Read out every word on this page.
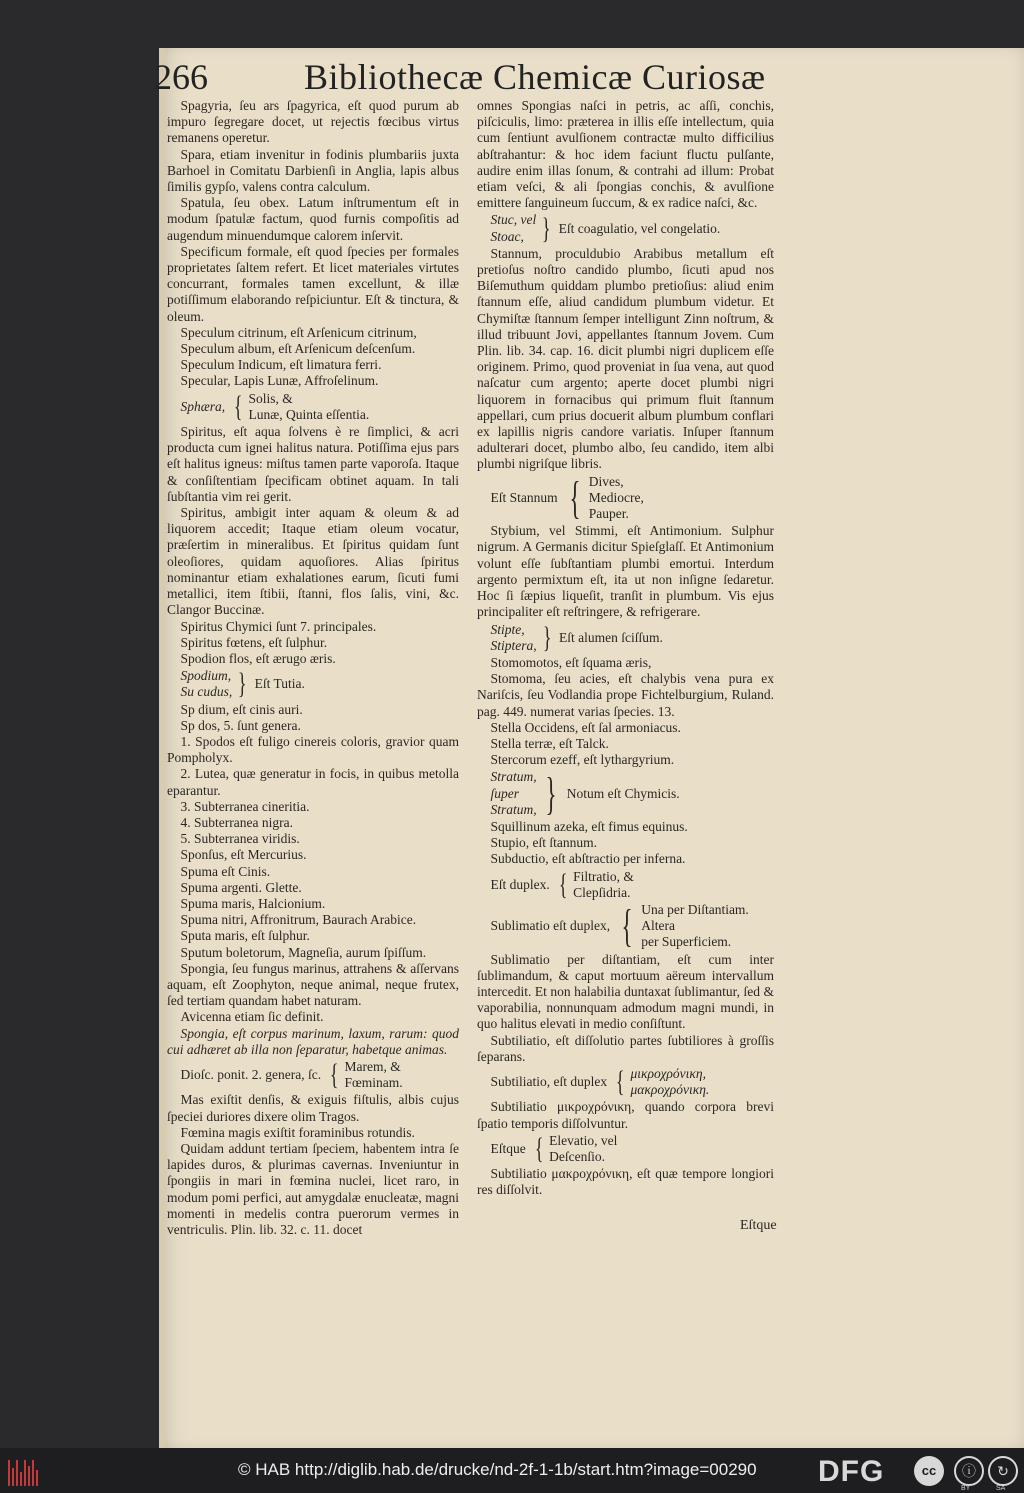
266	Bibliothecæ Chemicæ Curiosæ

Spagyria, ſeu ars ſpagyrica, eſt quod purum ab impuro ſegregare docet, ut rejectis fœcibus virtus remanens operetur.

Spara, etiam invenitur in fodinis plumbariis juxta Barhoel in Comitatu Darbienſi in Anglia, lapis albus ſimilis gypſo, valens contra calculum.

Spatula, ſeu obex. Latum inſtrumentum eſt in modum ſpatulæ factum, quod furnis compoſitis ad augendum minuendumque calorem inſervit.

Specificum formale, eſt quod ſpecies per formales proprietates ſaltem refert. Et licet materiales virtutes concurrant, formales tamen excellunt, & illæ potiſſimum elaborando reſpiciuntur. Eſt & tinctura, & oleum.

Speculum citrinum, eſt Arſenicum citrinum,

Speculum album, eſt Arſenicum deſcenſum.

Speculum Indicum, eſt limatura ferri.

Specular, Lapis Lunæ, Affroſelinum.

Sphæra, { Solis, &
Lunæ, Quinta eſſentia.

Spiritus, eſt aqua ſolvens è re ſimplici, & acri producta cum ignei halitus natura. Potiſſima ejus pars eſt halitus igneus: miſtus tamen parte vaporoſa. Itaque & conſiſtentiam ſpecificam obtinet aquam. In tali ſubſtantia vim rei gerit.

Spiritus, ambigit inter aquam & oleum & ad liquorem accedit; Itaque etiam oleum vocatur, præſertim in mineralibus. Et ſpiritus quidam ſunt oleoſiores, quidam aquoſiores. Alias ſpiritus nominantur etiam exhalationes earum, ſicuti fumi metallici, item ſtibii, ſtanni, flos ſalis, vini, &c. Clangor Buccinæ.

Spiritus Chymici ſunt 7. principales.

Spiritus fœtens, eſt ſulphur.

Spodion flos, eſt ærugo æris.

Spodium,
Su cudus, } Eſt Tutia.

Sp dium, eſt cinis auri.

Sp dos, 5. ſunt genera.

1. Spodos eſt fuligo cinereis coloris, gravior quam Pompholyx.

2. Lutea, quæ generatur in focis, in quibus metolla eparantur.

3. Subterranea cineritia.

4. Subterranea nigra.

5. Subterranea viridis.

Sponſus, eſt Mercurius.

Spuma eſt Cinis.

Spuma argenti. Glette.

Spuma maris, Halcionium.

Spuma nitri, Affronitrum, Baurach Arabice.

Sputa maris, eſt ſulphur.

Sputum boletorum, Magneſia, aurum ſpiſſum.

Spongia, ſeu fungus marinus, attrahens & aſſervans aquam, eſt Zoophyton, neque animal, neque frutex, ſed tertiam quandam habet naturam.

Avicenna etiam ſic definit.

Spongia, eſt corpus marinum, laxum, rarum: quod cui adhæret ab illa non ſeparatur, habetque animas.

Dioſc. ponit. 2. genera, ſc. { Marem, &
Fœminam.

Mas exiſtit denſis, & exiguis fiſtulis, albis cujus ſpeciei duriores dixere olim Tragos.

Fœmina magis exiſtit foraminibus rotundis.

Quidam addunt tertiam ſpeciem, habentem intra ſe lapides duros, & plurimas cavernas. Inveniuntur in ſpongiis in mari in fœmina nuclei, licet raro, in modum pomi perfici, aut amygdalæ enucleatæ, magni momenti in medelis contra puerorum vermes in ventriculis. Plin. lib. 32. c. 11. docet

omnes Spongias naſci in petris, ac aſſi, conchis, piſciculis, limo: præterea in illis eſſe intellectum, quia cum ſentiunt avulſionem contractæ multo difficilius abſtrahantur: & hoc idem faciunt fluctu pulſante, audire enim illas ſonum, & contrahi ad illum: Probat etiam veſci, & ali ſpongias conchis, & avulſione emittere ſanguineum ſuccum, & ex radice naſci, &c.

Stuc, vel
Stoac, } Eſt coagulatio, vel congelatio.

Stannum, proculdubio Arabibus metallum eſt pretioſus noſtro candido plumbo, ſicuti apud nos Biſemuthum quiddam plumbo pretioſius: aliud enim ſtannum eſſe, aliud candidum plumbum videtur. Et Chymiſtæ ſtannum ſemper intelligunt Zinn noſtrum, & illud tribuunt Jovi, appellantes ſtannum Jovem. Cum Plin. lib. 34. cap. 16. dicit plumbi nigri duplicem eſſe originem. Primo, quod proveniat in ſua vena, aut quod naſcatur cum argento; aperte docet plumbi nigri liquorem in fornacibus qui primum fluit ſtannum appellari, cum prius docuerit album plumbum conflari ex lapillis nigris candore variatis. Inſuper ſtannum adulterari docet, plumbo albo, ſeu candido, item albi plumbi nigriſque libris.

Eſt Stannum { Dives,
Mediocre,
Pauper.

Stybium, vel Stimmi, eſt Antimonium. Sulphur nigrum. A Germanis dicitur Spieſglaſſ. Et Antimonium volunt eſſe ſubſtantiam plumbi emortui. Interdum argento permixtum eſt, ita ut non inſigne ſedaretur. Hoc ſi ſæpius liqueſit, tranſit in plumbum. Vis ejus principaliter eſt reſtringere, & refrigerare.

Stipte,
Stiptera, } Eſt alumen ſciſſum.

Stomomotos, eſt ſquama æris,

Stomoma, ſeu acies, eſt chalybis vena pura ex Nariſcis, ſeu Vodlandia prope Fichtelburgium, Ruland. pag. 449. numerat varias ſpecies. 13.

Stella Occidens, eſt ſal armoniacus.

Stella terræ, eſt Talck.

Stercorum ezeff, eſt lythargyrium.

Stratum,
ſuper
Stratum, } Notum eſt Chymicis.

Squillinum azeka, eſt fimus equinus.

Stupio, eſt ſtannum.

Subductio, eſt abſtractio per inferna.

Eſt duplex. { Filtratio, &
Clepſidria.
Sublimatio eſt duplex, { Una per Diſtantiam.
Altera
per Superficiem.

Sublimatio per diſtantiam, eſt cum inter ſublimandum, & caput mortuum aëreum intervallum intercedit. Et non halabilia duntaxat ſublimantur, ſed & vaporabilia, nonnunquam admodum magni mundi, in quo halitus elevati in medio conſiſtunt.

Subtiliatio, eſt diſſolutio partes ſubtiliores à groſſis ſeparans.

Subtiliatio, eſt duplex { μικροχρόνικη,
μακροχρόνικη.

Subtiliatio μικροχρόνικη, quando corpora brevi ſpatio temporis diſſolvuntur.

Eſtque { Elevatio, vel
Deſcenſio.

Subtiliatio μακροχρόνικη, eſt quæ tempore longiori res diſſolvit.

Eſtque
© HAB http://diglib.hab.de/drucke/nd-2f-1-1b/start.htm?image=00290 DFG	cc	ⓘ	↻
BY	SA
